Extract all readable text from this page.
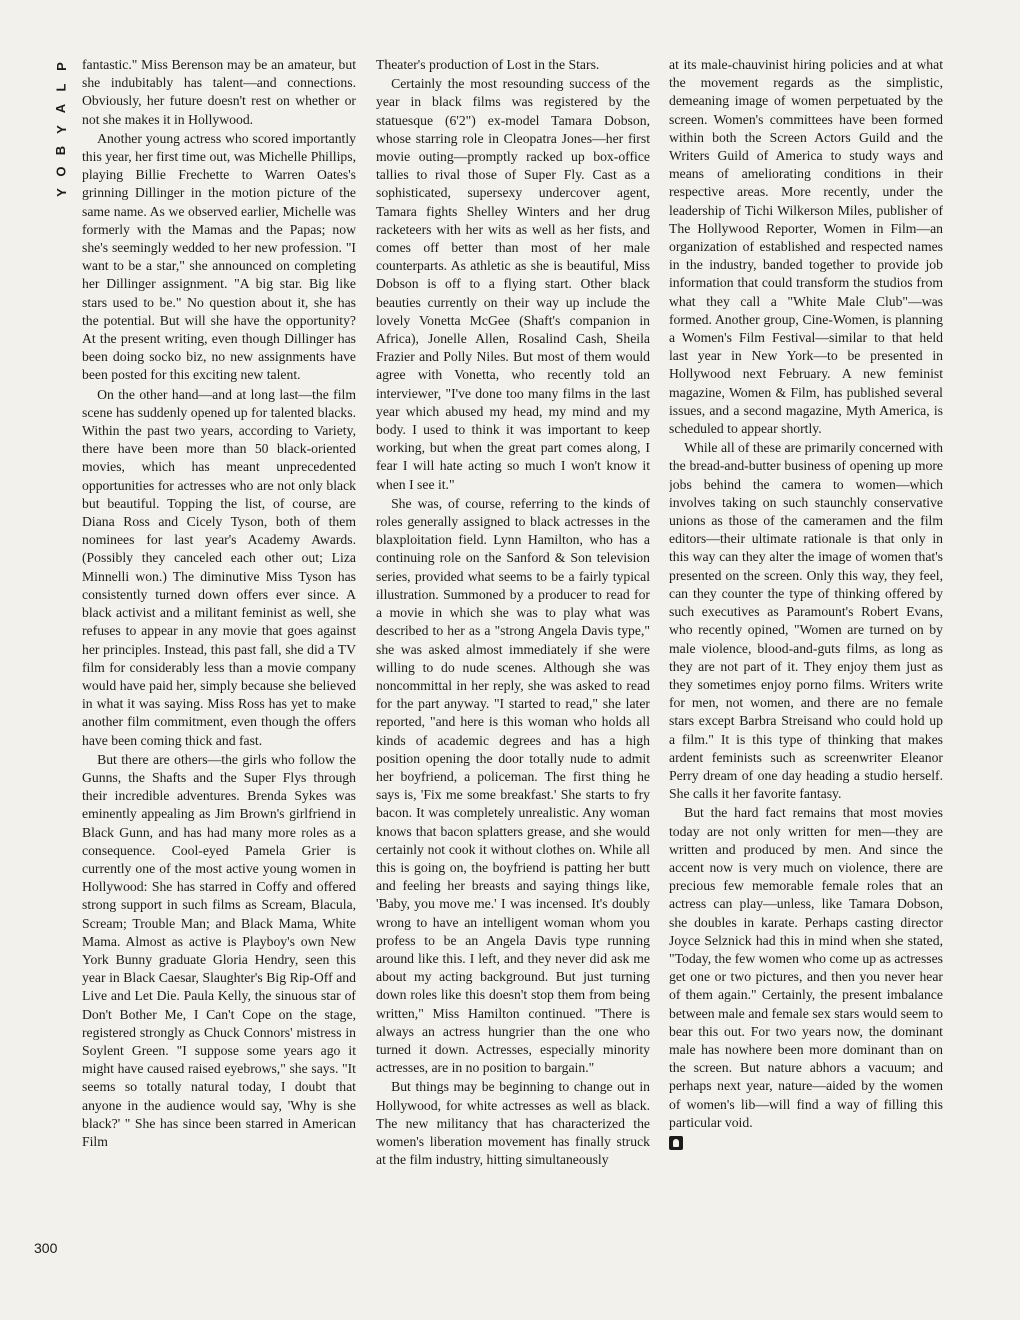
P
L
A
Y
B
O
Y
300

fantastic." Miss Berenson may be an amateur, but she indubitably has talent—and connections. Obviously, her future doesn't rest on whether or not she makes it in Hollywood.

Another young actress who scored importantly this year, her first time out, was Michelle Phillips, playing Billie Frechette to Warren Oates's grinning Dillinger in the motion picture of the same name. As we observed earlier, Michelle was formerly with the Mamas and the Papas; now she's seemingly wedded to her new profession. "I want to be a star," she announced on completing her Dillinger assignment. "A big star. Big like stars used to be." No question about it, she has the potential. But will she have the opportunity? At the present writing, even though Dillinger has been doing socko biz, no new assignments have been posted for this exciting new talent.

On the other hand—and at long last—the film scene has suddenly opened up for talented blacks. Within the past two years, according to Variety, there have been more than 50 black-oriented movies, which has meant unprecedented opportunities for actresses who are not only black but beautiful. Topping the list, of course, are Diana Ross and Cicely Tyson, both of them nominees for last year's Academy Awards. (Possibly they canceled each other out; Liza Minnelli won.) The diminutive Miss Tyson has consistently turned down offers ever since. A black activist and a militant feminist as well, she refuses to appear in any movie that goes against her principles. Instead, this past fall, she did a TV film for considerably less than a movie company would have paid her, simply because she believed in what it was saying. Miss Ross has yet to make another film commitment, even though the offers have been coming thick and fast.

But there are others—the girls who follow the Gunns, the Shafts and the Super Flys through their incredible adventures. Brenda Sykes was eminently appealing as Jim Brown's girlfriend in Black Gunn, and has had many more roles as a consequence. Cool-eyed Pamela Grier is currently one of the most active young women in Hollywood: She has starred in Coffy and offered strong support in such films as Scream, Blacula, Scream; Trouble Man; and Black Mama, White Mama. Almost as active is Playboy's own New York Bunny graduate Gloria Hendry, seen this year in Black Caesar, Slaughter's Big Rip-Off and Live and Let Die. Paula Kelly, the sinuous star of Don't Bother Me, I Can't Cope on the stage, registered strongly as Chuck Connors' mistress in Soylent Green. "I suppose some years ago it might have caused raised eyebrows," she says. "It seems so totally natural today, I doubt that anyone in the audience would say, 'Why is she black?' " She has since been starred in American Film

Theater's production of Lost in the Stars.

Certainly the most resounding success of the year in black films was registered by the statuesque (6'2") ex-model Tamara Dobson, whose starring role in Cleopatra Jones—her first movie outing—promptly racked up box-office tallies to rival those of Super Fly. Cast as a sophisticated, supersexy undercover agent, Tamara fights Shelley Winters and her drug racketeers with her wits as well as her fists, and comes off better than most of her male counterparts. As athletic as she is beautiful, Miss Dobson is off to a flying start. Other black beauties currently on their way up include the lovely Vonetta McGee (Shaft's companion in Africa), Jonelle Allen, Rosalind Cash, Sheila Frazier and Polly Niles. But most of them would agree with Vonetta, who recently told an interviewer, "I've done too many films in the last year which abused my head, my mind and my body. I used to think it was important to keep working, but when the great part comes along, I fear I will hate acting so much I won't know it when I see it."

She was, of course, referring to the kinds of roles generally assigned to black actresses in the blaxploitation field. Lynn Hamilton, who has a continuing role on the Sanford & Son television series, provided what seems to be a fairly typical illustration. Summoned by a producer to read for a movie in which she was to play what was described to her as a "strong Angela Davis type," she was asked almost immediately if she were willing to do nude scenes. Although she was noncommittal in her reply, she was asked to read for the part anyway. "I started to read," she later reported, "and here is this woman who holds all kinds of academic degrees and has a high position opening the door totally nude to admit her boyfriend, a policeman. The first thing he says is, 'Fix me some breakfast.' She starts to fry bacon. It was completely unrealistic. Any woman knows that bacon splatters grease, and she would certainly not cook it without clothes on. While all this is going on, the boyfriend is patting her butt and feeling her breasts and saying things like, 'Baby, you move me.' I was incensed. It's doubly wrong to have an intelligent woman whom you profess to be an Angela Davis type running around like this. I left, and they never did ask me about my acting background. But just turning down roles like this doesn't stop them from being written," Miss Hamilton continued. "There is always an actress hungrier than the one who turned it down. Actresses, especially minority actresses, are in no position to bargain."

But things may be beginning to change out in Hollywood, for white actresses as well as black. The new militancy that has characterized the women's liberation movement has finally struck at the film industry, hitting simultaneously

at its male-chauvinist hiring policies and at what the movement regards as the simplistic, demeaning image of women perpetuated by the screen. Women's committees have been formed within both the Screen Actors Guild and the Writers Guild of America to study ways and means of ameliorating conditions in their respective areas. More recently, under the leadership of Tichi Wilkerson Miles, publisher of The Hollywood Reporter, Women in Film—an organization of established and respected names in the industry, banded together to provide job information that could transform the studios from what they call a "White Male Club"—was formed. Another group, Cine-Women, is planning a Women's Film Festival—similar to that held last year in New York—to be presented in Hollywood next February. A new feminist magazine, Women & Film, has published several issues, and a second magazine, Myth America, is scheduled to appear shortly.

While all of these are primarily concerned with the bread-and-butter business of opening up more jobs behind the camera to women—which involves taking on such staunchly conservative unions as those of the cameramen and the film editors—their ultimate rationale is that only in this way can they alter the image of women that's presented on the screen. Only this way, they feel, can they counter the type of thinking offered by such executives as Paramount's Robert Evans, who recently opined, "Women are turned on by male violence, blood-and-guts films, as long as they are not part of it. They enjoy them just as they sometimes enjoy porno films. Writers write for men, not women, and there are no female stars except Barbra Streisand who could hold up a film." It is this type of thinking that makes ardent feminists such as screenwriter Eleanor Perry dream of one day heading a studio herself. She calls it her favorite fantasy.

But the hard fact remains that most movies today are not only written for men—they are written and produced by men. And since the accent now is very much on violence, there are precious few memorable female roles that an actress can play—unless, like Tamara Dobson, she doubles in karate. Perhaps casting director Joyce Selznick had this in mind when she stated, "Today, the few women who come up as actresses get one or two pictures, and then you never hear of them again." Certainly, the present imbalance between male and female sex stars would seem to bear this out. For two years now, the dominant male has nowhere been more dominant than on the screen. But nature abhors a vacuum; and perhaps next year, nature—aided by the women of women's lib—will find a way of filling this particular void.
